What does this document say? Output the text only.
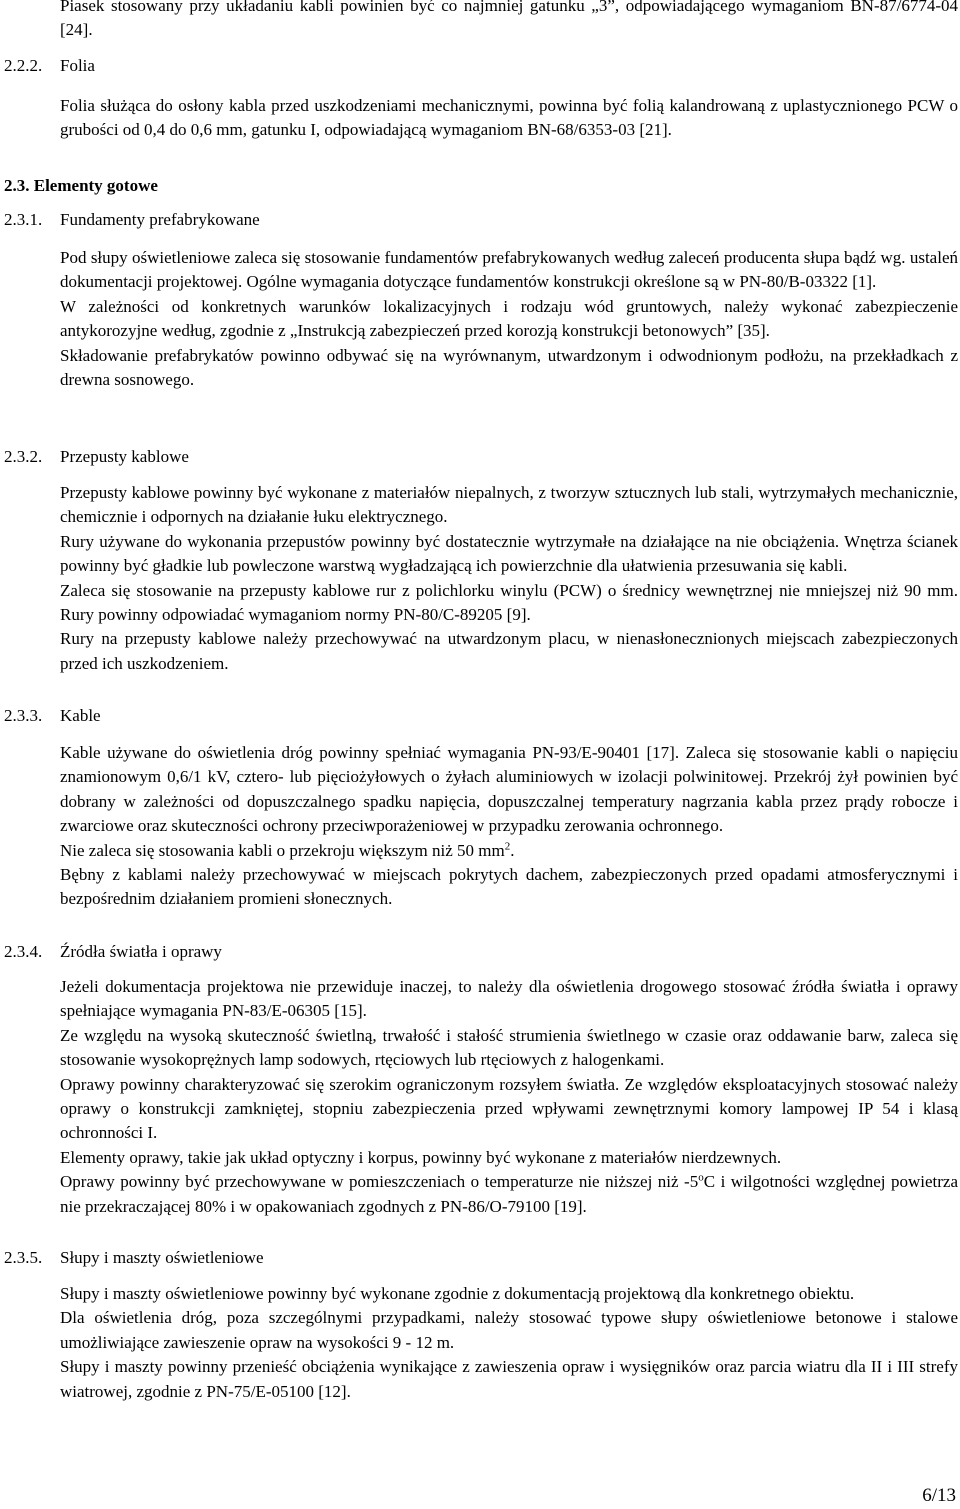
Piasek stosowany przy układaniu kabli powinien być co najmniej gatunku „3”, odpowiadającego wymaganiom BN-87/6774-04 [24].

2.2.2. Folia

Folia służąca do osłony kabla przed uszkodzeniami mechanicznymi, powinna być folią kalandrowaną z uplastycznionego PCW o grubości od 0,4 do 0,6 mm, gatunku I, odpowiadającą wymaganiom BN-68/6353-03 [21].

2.3. Elementy gotowe
2.3.1. Fundamenty prefabrykowane

Pod słupy oświetleniowe zaleca się stosowanie fundamentów prefabrykowanych według zaleceń producenta słupa bądź wg. ustaleń dokumentacji projektowej. Ogólne wymagania dotyczące fundamentów konstrukcji określone są w PN-80/B-03322 [1].

W zależności od konkretnych warunków lokalizacyjnych i rodzaju wód gruntowych, należy wykonać zabezpieczenie antykorozyjne według, zgodnie z „Instrukcją zabezpieczeń przed korozją konstrukcji betonowych” [35].

Składowanie prefabrykatów powinno odbywać się na wyrównanym, utwardzonym i odwodnionym podłożu, na przekładkach z drewna sosnowego.

2.3.2. Przepusty kablowe

Przepusty kablowe powinny być wykonane z materiałów niepalnych, z tworzyw sztucznych lub stali, wytrzymałych mechanicznie, chemicznie i odpornych na działanie łuku elektrycznego.

Rury używane do wykonania przepustów powinny być dostatecznie wytrzymałe na działające na nie obciążenia. Wnętrza ścianek powinny być gładkie lub powleczone warstwą wygładzającą ich powierzchnie dla ułatwienia przesuwania się kabli.

Zaleca się stosowanie na przepusty kablowe rur z polichlorku winylu (PCW) o średnicy wewnętrznej nie mniejszej niż 90 mm. Rury powinny odpowiadać wymaganiom normy PN-80/C-89205 [9].

Rury na przepusty kablowe należy przechowywać na utwardzonym placu, w nienasłonecznionych miejscach zabezpieczonych przed ich uszkodzeniem.

2.3.3. Kable

Kable używane do oświetlenia dróg powinny spełniać wymagania PN-93/E-90401 [17]. Zaleca się stosowanie kabli o napięciu znamionowym 0,6/1 kV, cztero- lub pięciożyłowych o żyłach aluminiowych w izolacji polwinitowej. Przekrój żył powinien być dobrany w zależności od dopuszczalnego spadku napięcia, dopuszczalnej temperatury nagrzania kabla przez prądy robocze i zwarciowe oraz skuteczności ochrony przeciwporażeniowej w przypadku zerowania ochronnego.

Nie zaleca się stosowania kabli o przekroju większym niż 50 $mm^2$.

Bębny z kablami należy przechowywać w miejscach pokrytych dachem, zabezpieczonych przed opadami atmosferycznymi i bezpośrednim działaniem promieni słonecznych.

2.3.4. Źródła światła i oprawy

Jeżeli dokumentacja projektowa nie przewiduje inaczej, to należy dla oświetlenia drogowego stosować źródła światła i oprawy spełniające wymagania PN-83/E-06305 [15].

Ze względu na wysoką skuteczność świetlną, trwałość i stałość strumienia świetlnego w czasie oraz oddawanie barw, zaleca się stosowanie wysokoprężnych lamp sodowych, rtęciowych lub rtęciowych z halogenkami.

Oprawy powinny charakteryzować się szerokim ograniczonym rozsyłem światła. Ze względów eksploatacyjnych stosować należy oprawy o konstrukcji zamkniętej, stopniu zabezpieczenia przed wpływami zewnętrznymi komory lampowej IP 54 i klasą ochronności I.

Elementy oprawy, takie jak układ optyczny i korpus, powinny być wykonane z materiałów nierdzewnych.

Oprawy powinny być przechowywane w pomieszczeniach o temperaturze nie niższej niż -5$^o$C i wilgotności względnej powietrza nie przekraczającej 80% i w opakowaniach zgodnych z PN-86/O-79100 [19].

2.3.5. Słupy i maszty oświetleniowe

Słupy i maszty oświetleniowe powinny być wykonane zgodnie z dokumentacją projektową dla konkretnego obiektu.

Dla oświetlenia dróg, poza szczególnymi przypadkami, należy stosować typowe słupy oświetleniowe betonowe i stalowe umożliwiające zawieszenie opraw na wysokości 9 - 12 m.

Słupy i maszty powinny przenieść obciążenia wynikające z zawieszenia opraw i wysięgników oraz parcia wiatru dla II i III strefy wiatrowej, zgodnie z PN-75/E-05100 [12].

6/13
